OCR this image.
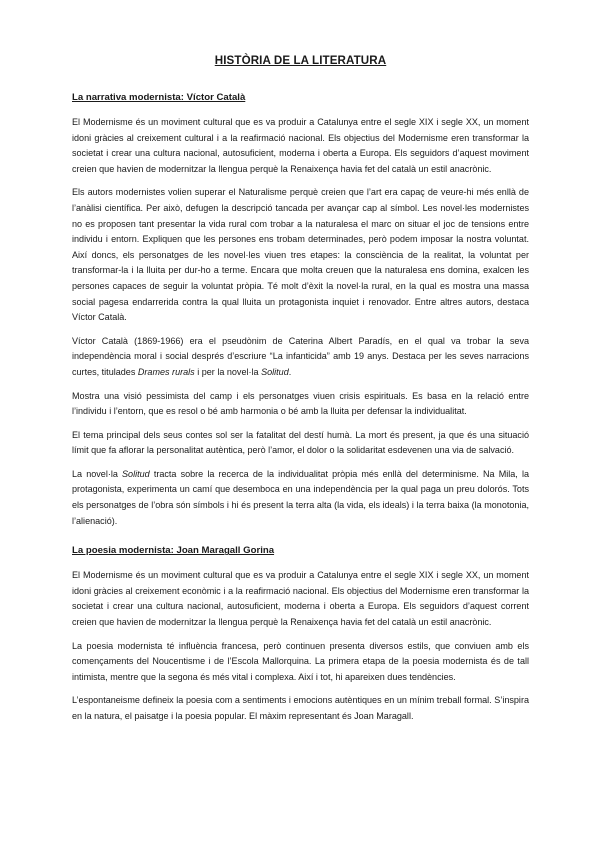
HISTÒRIA DE LA LITERATURA
La narrativa modernista: Víctor Català

El Modernisme és un moviment cultural que es va produir a Catalunya entre el segle XIX i segle XX, un moment idoni gràcies al creixement cultural i a la reafirmació nacional. Els objectius del Modernisme eren transformar la societat i crear una cultura nacional, autosuficient, moderna i oberta a Europa. Els seguidors d’aquest moviment creien que havien de modernitzar la llengua perquè la Renaixença havia fet del català un estil anacrònic.

Els autors modernistes volien superar el Naturalisme perquè creien que l’art era capaç de veure-hi més enllà de l’anàlisi científica. Per això, defugen la descripció tancada per avançar cap al símbol. Les novel·les modernistes no es proposen tant presentar la vida rural com trobar a la naturalesa el marc on situar el joc de tensions entre individu i entorn. Expliquen que les persones ens trobam determinades, però podem imposar la nostra voluntat. Així doncs, els personatges de les novel·les viuen tres etapes: la consciència de la realitat, la voluntat per transformar-la i la lluita per dur-ho a terme. Encara que molta creuen que la naturalesa ens domina, exalcen les persones capaces de seguir la voluntat pròpia. Té molt d’èxit la novel·la rural, en la qual es mostra una massa social pagesa endarrerida contra la qual lluita un protagonista inquiet i renovador. Entre altres autors, destaca Víctor Català.

Víctor Català (1869-1966) era el pseudònim de Caterina Albert Paradís, en el qual va trobar la seva independència moral i social després d’escriure “La infanticida” amb 19 anys. Destaca per les seves narracions curtes, titulades Drames rurals i per la novel·la Solitud.

Mostra una visió pessimista del camp i els personatges viuen crisis espirituals. Es basa en la relació entre l’individu i l’entorn, que es resol o bé amb harmonia o bé amb la lluita per defensar la individualitat.

El tema principal dels seus contes sol ser la fatalitat del destí humà. La mort és present, ja que és una situació límit que fa aflorar la personalitat autèntica, però l’amor, el dolor o la solidaritat esdevenen una via de salvació.

La novel·la Solitud tracta sobre la recerca de la individualitat pròpia més enllà del determinisme. Na Mila, la protagonista, experimenta un camí que desemboca en una independència per la qual paga un preu dolorós. Tots els personatges de l’obra són símbols i hi és present la terra alta (la vida, els ideals) i la terra baixa (la monotonia, l’alienació).

La poesia modernista: Joan Maragall Gorina

El Modernisme és un moviment cultural que es va produir a Catalunya entre el segle XIX i segle XX, un moment idoni gràcies al creixement econòmic i a la reafirmació nacional. Els objectius del Modernisme eren transformar la societat i crear una cultura nacional, autosuficient, moderna i oberta a Europa. Els seguidors d’aquest corrent creien que havien de modernitzar la llengua perquè la Renaixença havia fet del català un estil anacrònic.

La poesia modernista té influència francesa, però continuen presenta diversos estils, que conviuen amb els començaments del Noucentisme i de l’Escola Mallorquina. La primera etapa de la poesia modernista és de tall intimista, mentre que la segona és més vital i complexa. Així i tot, hi apareixen dues tendències.

L’espontaneisme defineix la poesia com a sentiments i emocions autèntiques en un mínim treball formal. S’inspira en la natura, el paisatge i la poesia popular. El màxim representant és Joan Maragall.
